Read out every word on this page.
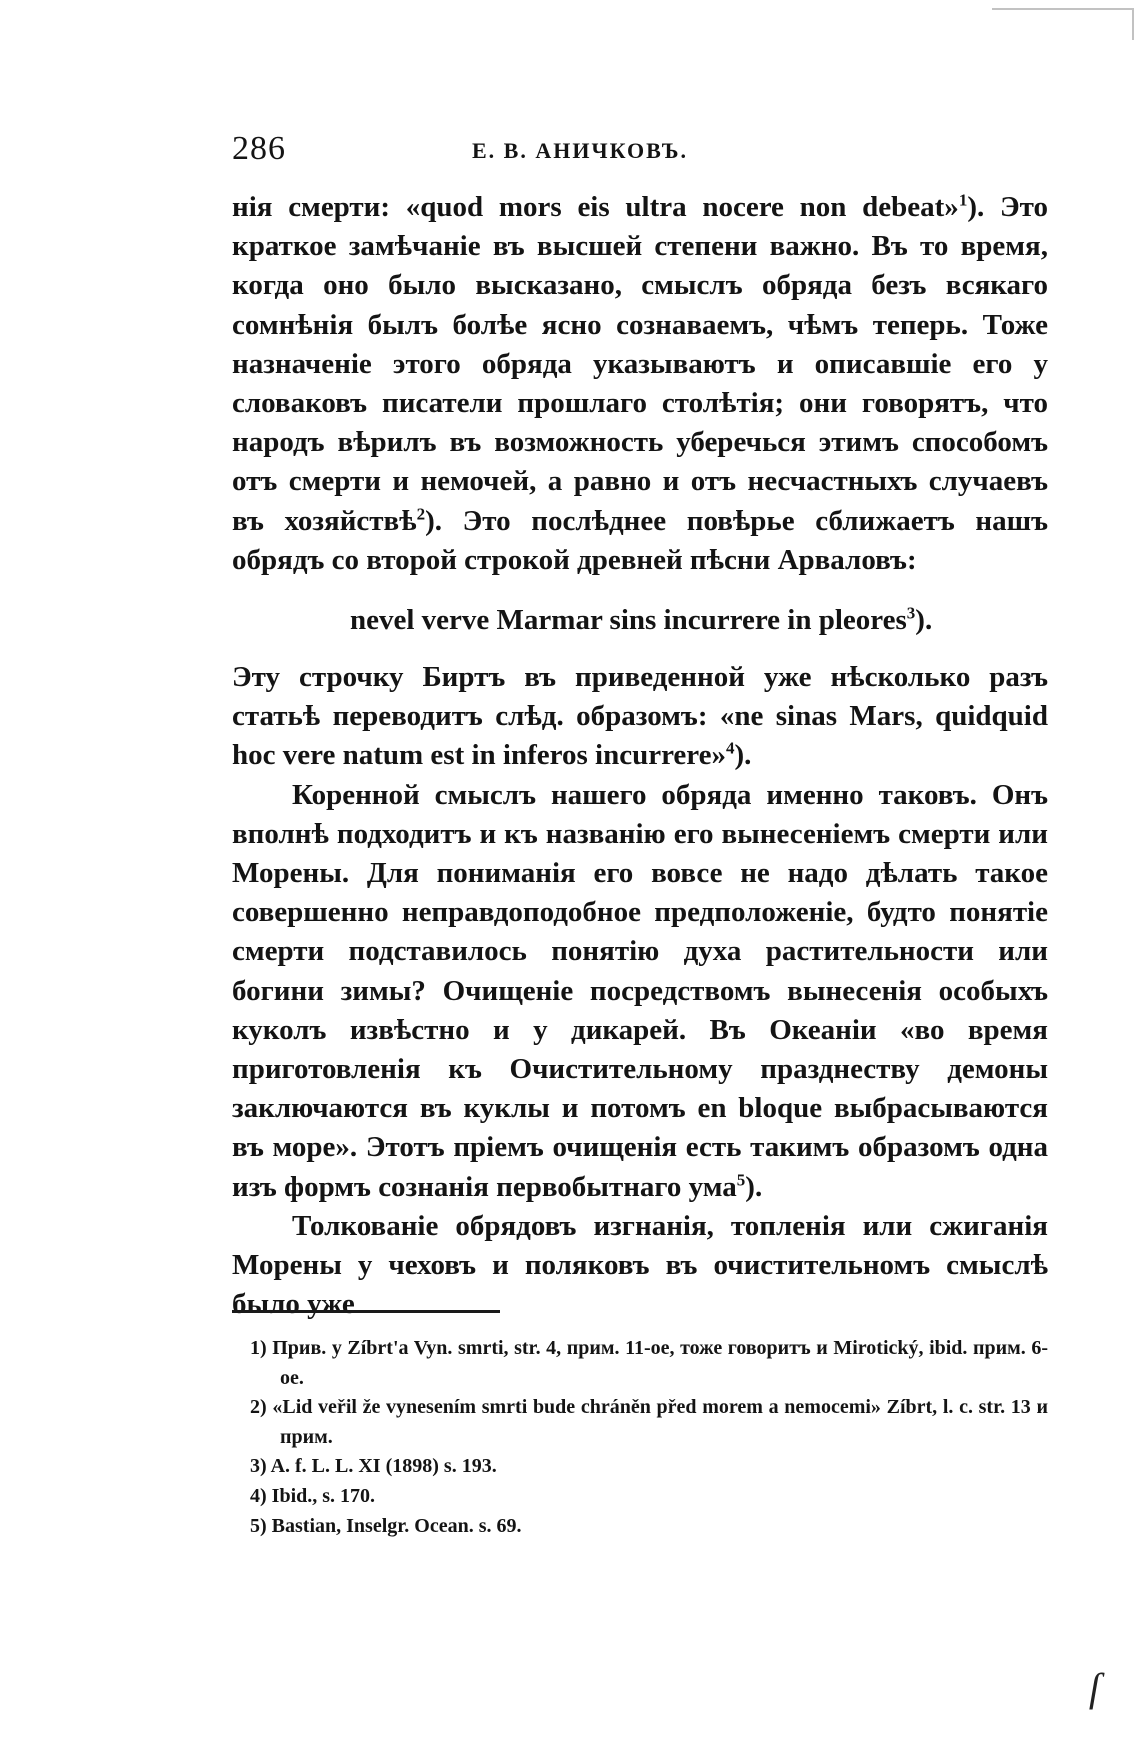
286	Е. В. АНИЧКОВЪ.

нія смерти: «quod mors eis ultra nocere non debeat»$^1$). Это краткое замѣчаніе въ высшей степени важно. Въ то время, когда оно было высказано, смыслъ обряда безъ всякаго сомнѣнія былъ болѣе ясно сознаваемъ, чѣмъ теперь. Тоже назначеніе этого обряда указываютъ и описавшіе его у словаковъ писатели прошлаго столѣтія; они говорятъ, что народъ вѣрилъ въ возможность уберечься этимъ способомъ отъ смерти и немочей, а равно и отъ несчастныхъ случаевъ въ хозяйствѣ$^2$). Это послѣднее повѣрье сближаетъ нашъ обрядъ со второй строкой древней пѣсни Арваловъ:

nevel verve Marmar sins incurrere in pleores$^3$).

Эту строчку Биртъ въ приведенной уже нѣсколько разъ статьѣ переводитъ слѣд. образомъ: «ne sinas Mars, quidquid hoc vere natum est in inferos incurrere»$^4$).

Коренной смыслъ нашего обряда именно таковъ. Онъ вполнѣ подходитъ и къ названію его вынесеніемъ смерти или Морены. Для пониманія его вовсе не надо дѣлать такое совершенно неправдоподобное предположеніе, будто понятіе смерти подставилось понятію духа растительности или богини зимы? Очищеніе посредствомъ вынесенія особыхъ куколъ извѣстно и у дикарей. Въ Океаніи «во время приготовленія къ Очистительному празднеству демоны заключаются въ куклы и потомъ en bloque выбрасываются въ море». Этотъ пріемъ очищенія есть такимъ образомъ одна изъ формъ сознанія первобытнаго ума$^5$).

Толкованіе обрядовъ изгнанія, топленія или сжиганія Морены у чеховъ и поляковъ въ очистительномъ смыслѣ было уже

1) Прив. у Zíbrt'a Vyn. smrti, str. 4, прим. 11-ое, тоже говоритъ и Mirotický, ibid. прим. 6-ое.

2) «Lid veřil že vynesením smrti bude chráněn před morem a nemocemi» Zíbrt, l. c. str. 13 и прим.

3) A. f. L. L. XI (1898) s. 193.

4) Ibid., s. 170.

5) Bastian, Inselgr. Ocean. s. 69.

ſ
